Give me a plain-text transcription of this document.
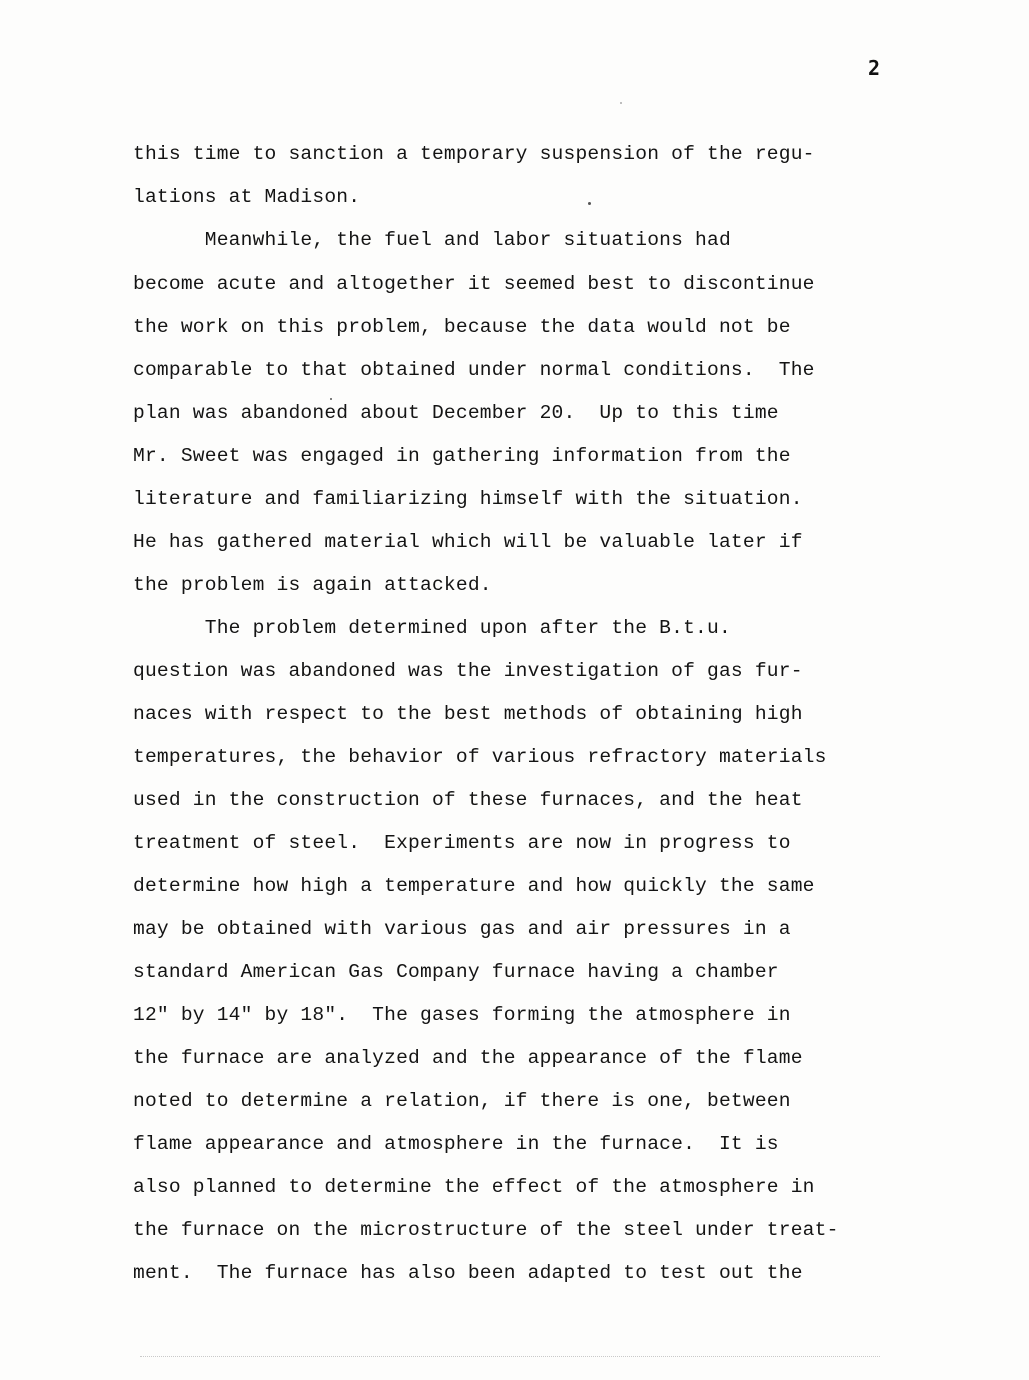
2
this time to sanction a temporary suspension of the regu-
lations at Madison.
Meanwhile, the fuel and labor situations had
become acute and altogether it seemed best to discontinue
the work on this problem, because the data would not be
comparable to that obtained under normal conditions.  The
plan was abandoned about December 20.  Up to this time
Mr. Sweet was engaged in gathering information from the
literature and familiarizing himself with the situation.
He has gathered material which will be valuable later if
the problem is again attacked.
The problem determined upon after the B.t.u.
question was abandoned was the investigation of gas fur-
naces with respect to the best methods of obtaining high
temperatures, the behavior of various refractory materials
used in the construction of these furnaces, and the heat
treatment of steel.  Experiments are now in progress to
determine how high a temperature and how quickly the same
may be obtained with various gas and air pressures in a
standard American Gas Company furnace having a chamber
12" by 14" by 18".  The gases forming the atmosphere in
the furnace are analyzed and the appearance of the flame
noted to determine a relation, if there is one, between
flame appearance and atmosphere in the furnace.  It is
also planned to determine the effect of the atmosphere in
the furnace on the microstructure of the steel under treat-
ment.  The furnace has also been adapted to test out the
